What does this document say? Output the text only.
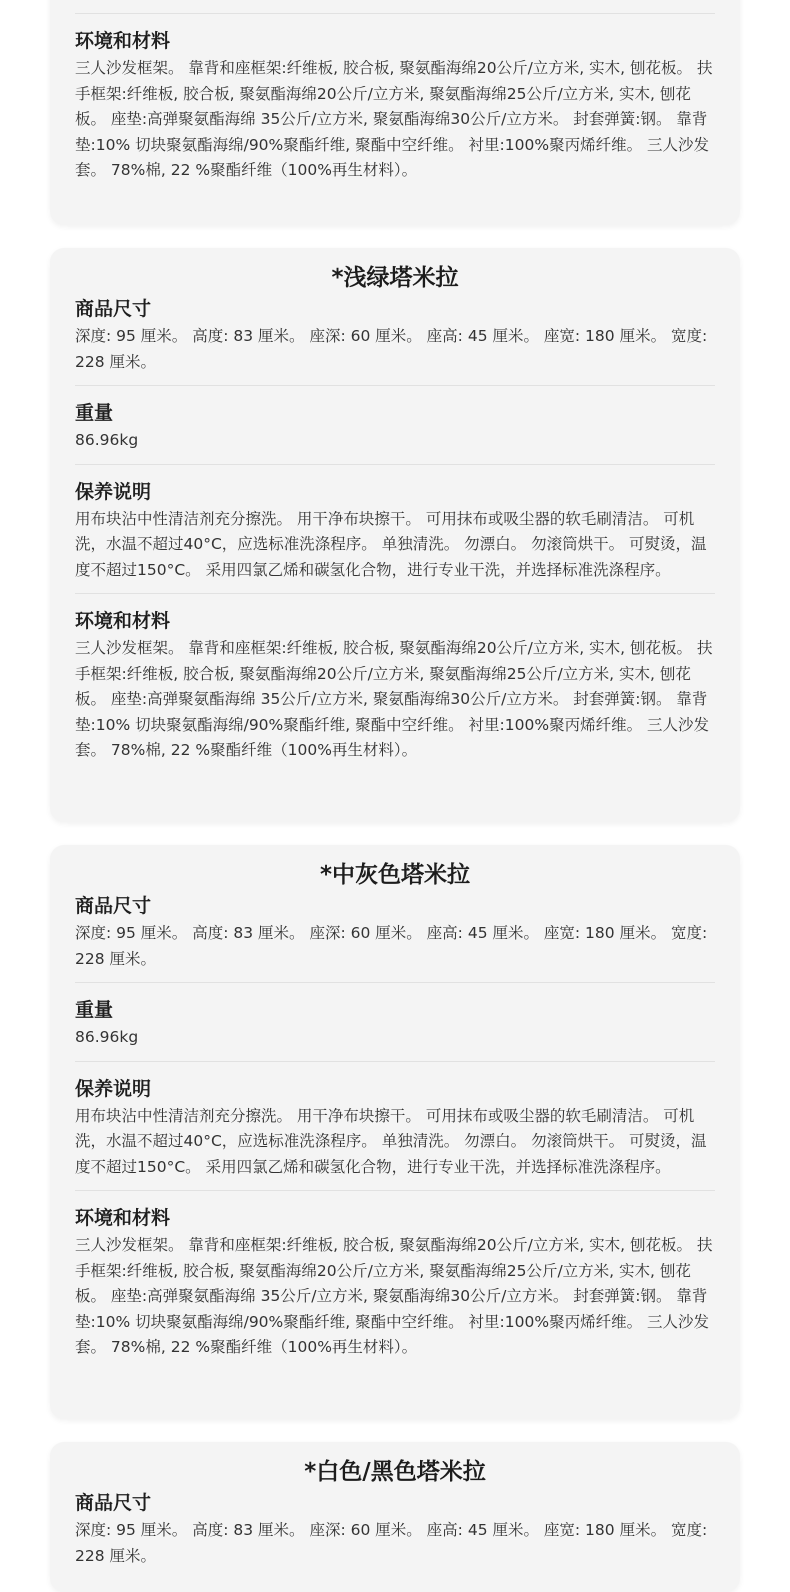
环境和材料

三人沙发框架。 靠背和座框架:纤维板, 胶合板, 聚氨酯海绵20公斤/立方米, 实木, 刨花板。 扶手框架:纤维板, 胶合板, 聚氨酯海绵20公斤/立方米, 聚氨酯海绵25公斤/立方米, 实木, 刨花板。 座垫:高弹聚氨酯海绵 35公斤/立方米, 聚氨酯海绵30公斤/立方米。 封套弹簧:钢。 靠背垫:10% 切块聚氨酯海绵/90%聚酯纤维, 聚酯中空纤维。 衬里:100%聚丙烯纤维。 三人沙发套。 78%棉, 22 %聚酯纤维（100%再生材料）。

*浅绿塔米拉
商品尺寸

深度: 95 厘米。 高度: 83 厘米。 座深: 60 厘米。 座高: 45 厘米。 座宽: 180 厘米。 宽度: 228 厘米。

重量

86.96kg

保养说明

用布块沾中性清洁剂充分擦洗。 用干净布块擦干。 可用抹布或吸尘器的软毛刷清洁。 可机洗，水温不超过40°C，应选标准洗涤程序。 单独清洗。 勿漂白。 勿滚筒烘干。 可熨烫，温度不超过150°C。 采用四氯乙烯和碳氢化合物，进行专业干洗，并选择标准洗涤程序。

环境和材料

三人沙发框架。 靠背和座框架:纤维板, 胶合板, 聚氨酯海绵20公斤/立方米, 实木, 刨花板。 扶手框架:纤维板, 胶合板, 聚氨酯海绵20公斤/立方米, 聚氨酯海绵25公斤/立方米, 实木, 刨花板。 座垫:高弹聚氨酯海绵 35公斤/立方米, 聚氨酯海绵30公斤/立方米。 封套弹簧:钢。 靠背垫:10% 切块聚氨酯海绵/90%聚酯纤维, 聚酯中空纤维。 衬里:100%聚丙烯纤维。 三人沙发套。 78%棉, 22 %聚酯纤维（100%再生材料）。

*中灰色塔米拉
商品尺寸

深度: 95 厘米。 高度: 83 厘米。 座深: 60 厘米。 座高: 45 厘米。 座宽: 180 厘米。 宽度: 228 厘米。

重量

86.96kg

保养说明

用布块沾中性清洁剂充分擦洗。 用干净布块擦干。 可用抹布或吸尘器的软毛刷清洁。 可机洗，水温不超过40°C，应选标准洗涤程序。 单独清洗。 勿漂白。 勿滚筒烘干。 可熨烫，温度不超过150°C。 采用四氯乙烯和碳氢化合物，进行专业干洗，并选择标准洗涤程序。

环境和材料

三人沙发框架。 靠背和座框架:纤维板, 胶合板, 聚氨酯海绵20公斤/立方米, 实木, 刨花板。 扶手框架:纤维板, 胶合板, 聚氨酯海绵20公斤/立方米, 聚氨酯海绵25公斤/立方米, 实木, 刨花板。 座垫:高弹聚氨酯海绵 35公斤/立方米, 聚氨酯海绵30公斤/立方米。 封套弹簧:钢。 靠背垫:10% 切块聚氨酯海绵/90%聚酯纤维, 聚酯中空纤维。 衬里:100%聚丙烯纤维。 三人沙发套。 78%棉, 22 %聚酯纤维（100%再生材料）。

*白色/黑色塔米拉
商品尺寸

深度: 95 厘米。 高度: 83 厘米。 座深: 60 厘米。 座高: 45 厘米。 座宽: 180 厘米。 宽度: 228 厘米。
